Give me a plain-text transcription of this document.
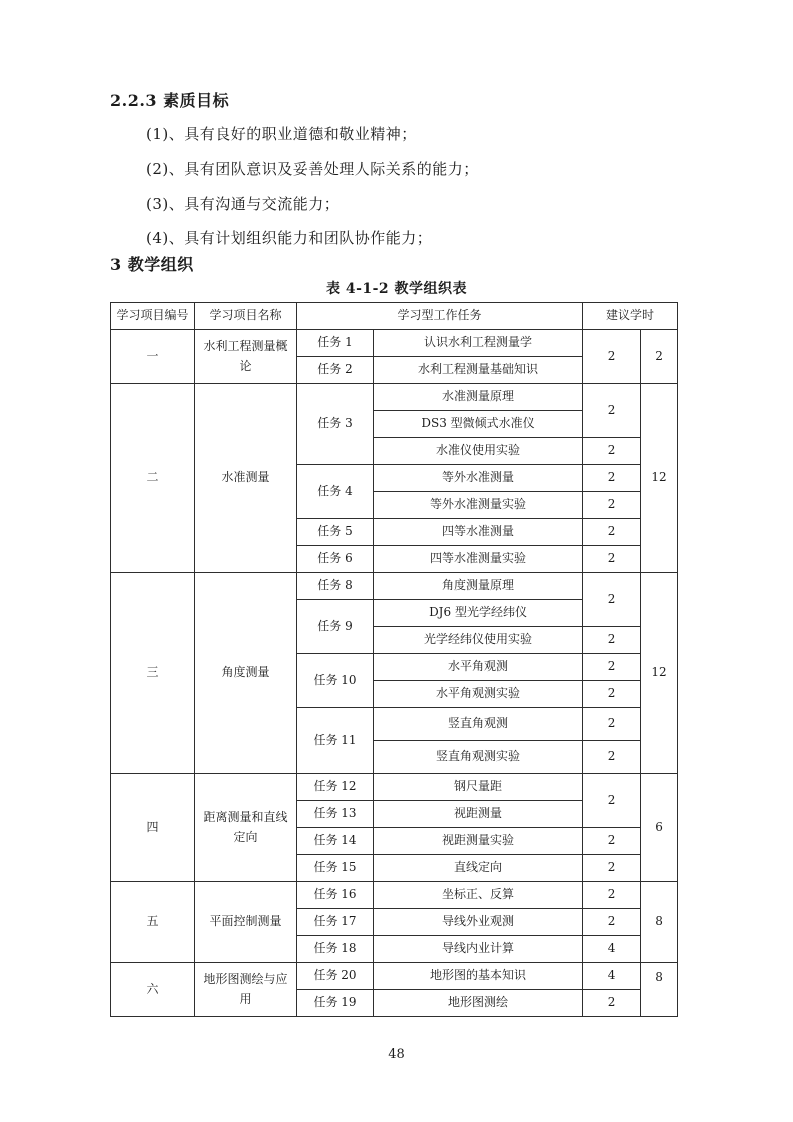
2.2.3 素质目标

(1)、具有良好的职业道德和敬业精神；

(2)、具有团队意识及妥善处理人际关系的能力；

(3)、具有沟通与交流能力；

(4)、具有计划组织能力和团队协作能力；

3 教学组织
表 4-1-2 教学组织表
学习项目编号	学习项目名称	学习型工作任务		建议学时	
一	水利工程测量概论	任务 1	认识水利工程测量学	2	2
		任务 2	水利工程测量基础知识		
二	水准测量	任务 3	水准测量原理	2	12
			DS3 型微倾式水准仪		
			水准仪使用实验	2	
		任务 4	等外水准测量	2	
			等外水准测量实验	2	
		任务 5	四等水准测量	2	
		任务 6	四等水准测量实验	2	
三	角度测量	任务 8	角度测量原理	2	12
		任务 9	DJ6 型光学经纬仪		
			光学经纬仪使用实验	2	
		任务 10	水平角观测	2	
			水平角观测实验	2	
		任务 11	竖直角观测	2	
			竖直角观测实验	2	
四	距离测量和直线定向	任务 12	钢尺量距	2	6
		任务 13	视距测量		
		任务 14	视距测量实验	2	
		任务 15	直线定向	2	
五	平面控制测量	任务 16	坐标正、反算	2	8
		任务 17	导线外业观测	2	
		任务 18	导线内业计算	4	
六	地形图测绘与应用	任务 20	地形图的基本知识	4	8
		任务 19	地形图测绘	2	
48
